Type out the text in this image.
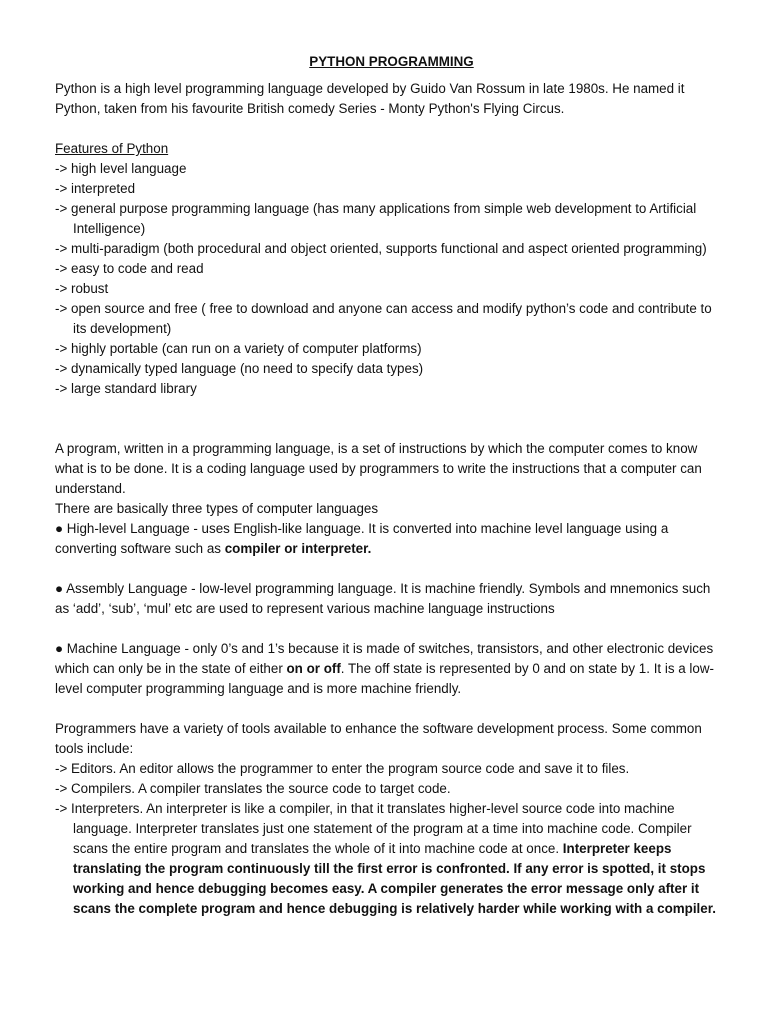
PYTHON PROGRAMMING

Python is a high level programming language developed by Guido Van Rossum in late 1980s. He named it Python, taken from his favourite British comedy Series - Monty Python's Flying Circus.

Features of Python

-> high level language

-> interpreted

-> general purpose programming language (has many applications from simple web development to Artificial Intelligence)

-> multi-paradigm (both procedural and object oriented, supports functional and aspect oriented programming)

-> easy to code and read

-> robust

-> open source and free ( free to download and anyone can access and modify python’s code and contribute to its development)

-> highly portable (can run on a variety of computer platforms)

-> dynamically typed language (no need to specify data types)

-> large standard library

A program, written in a programming language, is a set of instructions by which the computer comes to know what is to be done. It is a coding language used by programmers to write the instructions that a computer can understand.

There are basically three types of computer languages

● High-level Language - uses English-like language. It is converted into machine level language using a converting software such as compiler or interpreter.

● Assembly Language - low-level programming language. It is machine friendly. Symbols and mnemonics such as ‘add’, ‘sub’, ‘mul’ etc are used to represent various machine language instructions

● Machine Language - only 0’s and 1’s because it is made of switches, transistors, and other electronic devices which can only be in the state of either on or off. The off state is represented by 0 and on state by 1. It is a low-level computer programming language and is more machine friendly.

Programmers have a variety of tools available to enhance the software development process. Some common tools include:

-> Editors. An editor allows the programmer to enter the program source code and save it to files.

-> Compilers. A compiler translates the source code to target code.

-> Interpreters. An interpreter is like a compiler, in that it translates higher-level source code into machine language. Interpreter translates just one statement of the program at a time into machine code. Compiler scans the entire program and translates the whole of it into machine code at once. Interpreter keeps translating the program continuously till the first error is confronted. If any error is spotted, it stops working and hence debugging becomes easy. A compiler generates the error message only after it scans the complete program and hence debugging is relatively harder while working with a compiler.
